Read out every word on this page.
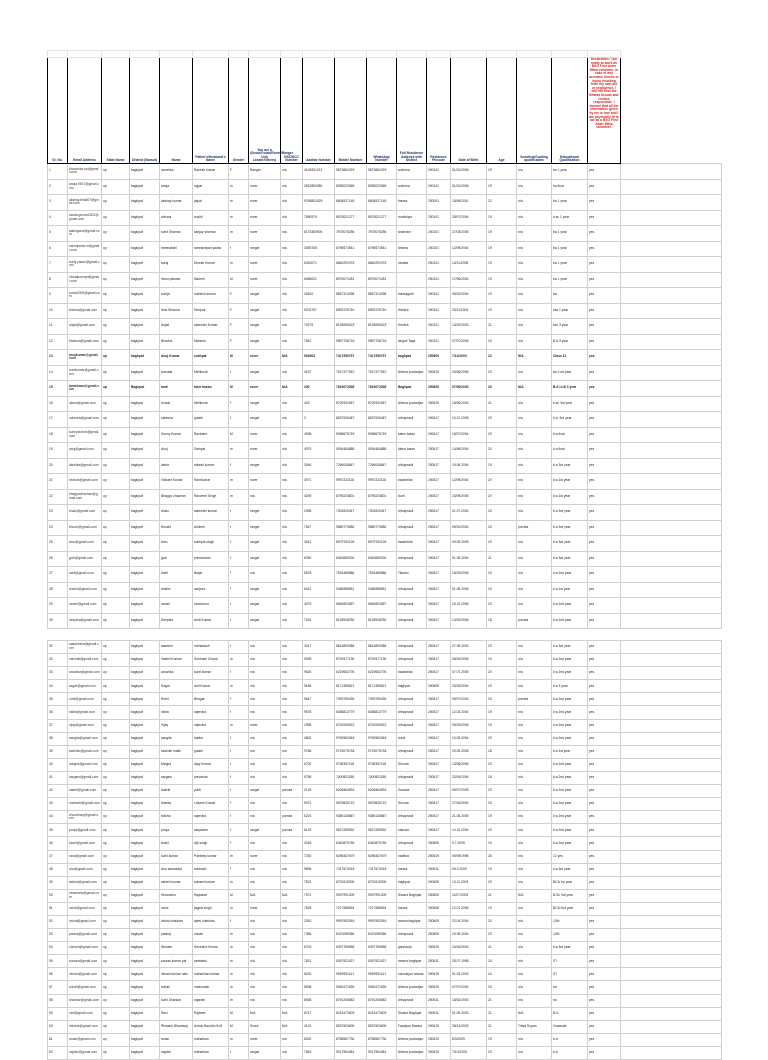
Sr. No.	Email Address	State Name	District (Baraut)	Name	Father's/Husband's Name	Gender	You are a (Scout/Guide/Rover/Ranger Unit Leader/Others)	NSS/NCC Number	Aadhar Number	Mobile Number	WhatsApp Number	Full Residence Address with District	Residence Pincode	Date of Birth	Age	Scouting/Guiding qualification	Educational Qualification	Declaration: I am ready to work as BSG First Aider Mitra volunteer. In case of any accident, illness or injury resulting from my own act or negligence, I will not hold the Bharat Scouts and Guides responsible. I declare that all the information given by me is true and I am physically fit to act as a BSG First Aider Mitra volunteer.	
1	bhoomika.up@gmail.com	up	baghpat	anushka	Rakesh kumar	F	Ranger	n/a	4104901212	9873661029	9873661029	sushma	250101	01/10/2006	19	n/a	ba 1 year	yes	
2	anuja.9871@gmail.com	up	baghpat	anuja	rajpal	m	rover	n/a	2622850380	8395023365	8395023365	sushma	250101	01/10/2006	19	n/a	ba final	yes	
3	akshay.bhati07@gmail.com	up	baghpat	akshay kumar	jaipal	m	rover	n/a	9768801525	8806527148	8806527148	baraut	250001	15/05/2001	22	n/a	ba 1 year	yes	
4	savita.gumar2002@gmail.com	up	baghpat	shivani	sushil	m	rover	n/a	7550975	8975021277	8975021277	modinipur	250101	25/07/2006	19	n/a	b.sc 1 year	yes	
5	sakhigoud@gmail.com	up	baghpat	sohit Sharma	sanjay sharma	m	rover	n/a	6175350900	7575076256	7575076256	shahrani	250101	27/03/2005	19	n/a	ba 1 year	yes	
6	aaronjadav.m@gmail.com	up	baghpat	meenakshi	ramnarayan yadav	f	ranger	n/a	3055765	6798573541	6798573541	khekra	250101	12/09/2004	19	n/a	ba 1 year	yes	
7	suraj.yadav@gmail.com	up	baghpat	suraj	Dinesh Kumar	m	rover	n/a	6316071	6660291976	6660291976	ramala	250101	14/11/2005	19	n/a	ba 1 year	yes	
8	vishalpurnapt@gmail.com	up	baghpat	vishu panwar	Naresh	M	rover	n/a	6086021	8979071281	8979071281		250101	17/06/2004	19	n/a	ba 1 year	yes	
9	sonia2006@gmail.com	up	baghpat	sonija	mahesh kumar	F	ranger	n/a	20610	8567313098	8567313098	baraulgarh	250101	09/02/2004	19	n/a	ba	yes	
10	khekra@gmail.com	up	baghpat	Isha Sharma	Deepak	F	ranger	n/a	5376707	8953729740	8953729740	Khekra	250101	23/11/2004	19	n/a	bsc 1 year	yes	
11	anjali@gmail.com	up	baghpat	Anjali	satender Kumar	F	ranger	n/a	70275	8135699023	8135699023	Khekra	250101	13/02/2003	21	n/a	bsc 3 year	yes	
12	bhawna@gmail.com	up	baghpat	Bhavna	Mahesh	F	ranger	n/a	7542	9897756716	9897756716	singoli Taga	250101	07/07/2005	20	n/a	B.A 3 year	yes	
13	anujkumar@gmail.com	up	baghpat	Anuj Kumar	sukhpal	M	rover	N/A	504903	7417955757	7417955757	baghpat	250609	7/13/2003	22	N/A	Class 12	yes	
14	surekumar@gmail.com	up	baghpat	sumaila	Mehboob	f	ranger	n/a	4197	7017477942	7017477942	khekra pooladpur	250619	20/06/2005	20	n/a	ba 2 nd year	yes	
15	tarakhaan@gmail.com	up	Baghpat	amir	tahir hasan	M	rover	N/A	200	7819072536	7819072536	Baghpat	250609	07/09/2003	20	N/A	B.A LLB 3 year	yes	
16	alisha@gmail.com	up	baghpat	fousat	Mehboob	f	ranger	n/a	403	8709331867	8709331867	khekra pooladpur	250619	15/06/2003	21	n/a	b.sc 3rd year	yes	
17	rakesha@gmail.com	up	baghpat	rakesha	gulabi	f	ranger	n/a	2	8637926467	8637926467	chhaprauli	250617	10.07.2005	20	n/a	b.a. 3rd year	yes	
18	sunnykumar@gmail.com	up	baghpat	Sunny Kumar	Ravinder	M	rover	n/a	4998	9098679749	9098679749	kakor kalan	250617	15/07/2004	20	n/a	b.a final	yes	
19	anuj@gmail.com	up	baghpat	Anuj	Satnpal	m	rover	n/a	4075	9094484888	9094484888	kakor kalan	250617	14/06/2004	20	n/a	b.a final	yes	
20	lakshita@gmail.com	up	baghpat	lasha	rakesh kumar	f	ranger	n/a	3046	7296006847	7296006847	chhaprauli	250617	19.06.2006	19	n/a	b.a 3rd year	yes	
21	vishant@gmail.com	up	baghpat	Vishant Kumar	Ramkumar	m	rover	n/a	4971	9997223118	9997223118	badanthla	250617	12/09/2004	20	n/a	b.a 1st year	yes	
22	bhagyachauhan@gmail.com	up	baghpat	Bhagyo chauhan	Ravveen Singh	m	n/a	n/a	4209	8799224801	8799224801	Kurri	250617	23/09/2005	20	n/a	b.a 1st year	yes	
23	shalu@gmail.com	up	baghpat	shalu	satender kumar	f	ranger	n/a	2098	7302819347	7302819347	chhaprauli	250617	01.07.2004	20	n/a	b.a 3rd year	yes	
24	khushi@gmail.com	up	baghpat	Khushi	Anilesh	f	ranger	n/a	7547	9889770686	9889770686	chhaprauli	250617	09/10/2004	20	purnea	b.a 3rd year	yes	
25	tanu@gmail.com	up	baghpat	tanu	sukhpal singh	f	ranger	n/a	3012	8979762126	8979762126	badanthla	250617	09.09.2005	20	n/a	b.a 3rd year	yes	
26	jyoti@gmail.com	up	baghpat	jyoti	premchand	f	ranger	n/a	6390	8349669030	8349669030	chhaprauli	250617	01.08.2004	21	n/a	b.a 3rd year	yes	
27	aarti@gmail.com	up	baghpat	Aarti	Balpir	f	n/a	n/a	5678	7534465886	7534465886	Tikaani	250617	15/03/2005	20	n/a	b.a 2nd year	yes	
28	shalini@gmail.com	up	baghpat	shalini	sanjeev	f	ranger	n/a	6012	9466588551	9466588551	chhaprauli	250617	01.08.2005	20	n/a	b.a 1st year	yes	
29	ramini@gmail.com	up	baghpat	ramini	ramchand	f	ranger	n/a	4079	9694802897	9694802897	chhaprauli	250617	18.10.2005	20	n/a	b.a 2nd year	yes	
30	deepika@gmail.com	up	baghpat	Deepika	Amit Kumar	f	ranger	n/a	7024	8128948250	8128948250	chhaprauli	250617	14/02/2006	18	purnea	b.a 2nd year	yes	
31	aakanksha@gmail.com	up	baghpat	aaseem	mehartash	f	n/a	n/a	3247	8813899388	8813899388	chhaprauli	250617	07.08.2003	20	n/a	b.a 3rd year	yes	
32	vaishali@gmail.com	up	baghpat	Vaishli Kumari	Subhash Chand	m	n/a	n/a	9095	8791977196	8791977196	chhaprauli	250617	08/02/2005	19	n/a	b.a 2nd year	yes	
33	anushka@gmail.com	up	baghpat	anushka	sunil kumar	f	n/a	n/a	9626	6219652700	6219652700	badanthla	250617	07.07.2005	20	n/a	b.a 2nd year	yes	
34	sagar@gmail.com	up	baghpat	Sagar	Anil Kumar	m	n/a	n/a	9168	8171395821	8171395821	baghpat	250609	23/04/2004	20	n/a	b.a 3 year	yes	
35	rohit@gmail.com	up	baghpat	Rohit	Bhagat	f	n/a	n/a	9647	7093755435	7093755435	chhaprauli	250617	09/07/2003	20	purnea	b.a 2nd year	yes	
36	nikita@gmail.com	up	baghpat	nikita	rajendra	f	n/a	n/a	9578	6358812779	6358812779	chhaprauli	250617	12.03.2004	19	n/a	b.a 2nd year	yes	
37	vijay@gmail.com	up	baghpat	Vijay	rajendra	m	rover	n/a	2998	6791059522	6791059522	chhaprauli	250617	09/03/2005	19	n/a	b.a 2nd year	yes	
38	sangita@gmail.com	up	baghpat	sangita	babbu	f	n/a	n/a	4802	9760983463	9760983463	kurdi	250617	10.09.2004	20	n/a	b.a 2nd year	yes	
39	kashish@gmail.com	up	baghpat	kashish malik	gulabi	f	n/a	n/a	9768	9719075748	9719075748	chhaprauli	250617	29.05.2006	18	n/a	b.a 1st year	yes	
40	megha@gmail.com	up	baghpat	Megha	Ajay Kumar	f	n/a	n/a	6702	9758357118	9758357118	Shoora	250617	13/08/2005	20	n/a	b.a 2nd year	yes	
41	sargam@gmail.com	up	baghpat	sargam	prevahan	f	n/a	n/a	9758	7000821158	7000821158	chhaprauli	250617	22/04/2006	18	n/a	b.a 2nd year	yes	
42	aakriti@gmail.com	up	baghpat	Aakriti	yukti	f	ranger	purnea	2129	6206564833	6206564833	Dosana	250617	09/07/2005	20	n/a	b.a 2nd year	yes	
43	mamtahi@gmail.com	up	baghpat	Mamta	Lokesh Kumar	f	n/a	n/a	9072	9875836722	9875836722	Shoora	250617	27/04/2004	20	n/a	b.a 2nd year	yes	
44	choudhary@gmail.com	up	baghpat	shikha	rajendra	f	n/a	purnea	6224	9385135867	9385135867	chhaprauli	250617	21.06.2005	19	n/a	b.a 2nd year	yes	
45	pooja@gmail.com	up	baghpat	pooja	satyaveer	f	ranger	purnea	6129	9627285952	9627285952	nakoda	250617	14.10.2004	20	n/a	b.a 2nd year	yes	
46	kashi@gmail.com	up	baghpat	kushi	Ajit singh	f	n/a	n/a	3245	8440879755	8440879755	chhaprauli	250609	9.7.2005	19	n/a	b.a 2nd year	yes	
47	rana@gmail.com	up	baghpat	sunil kumar	Pardeep kumar	m	rover	n/a	7230	6298467679	6298467679	nadthla	250619	09/09/1998	26	n/a	12 yes	yes	
48	anu@gmail.com	up	baghpat	Anu samaidya	subhash	f	n/a	n/a	9696	7417574018	7417574018	baraut	250611	26.3.2005	19	n/a	b.a 3rd year	yes	
49	ashish@gmail.com	up	baghpat	ashish kumar	subash kumar	m	n/a	n/a	7522	8791915306	8791915306	baghpat	250609	13.11.2003	20	n/a	BCA 1st year	yes	
50	himanshu@gmail.com	up	baghpat	Himanshu	Rajkaran	M	N/A	N/A	7972	9097991405	9097991405	Sisana Baghpat	250609	11/07/2003	21	N/A	B.Sc 3rd year	yes	
51	rahul@gmail.com	up	baghpat	rahul	jagpal singh	m	rover	n/a	7628	7217986834	7217986834	baraut	250608	12.01.2005	19	n/a	BCA 2nd year	yes	
52	vishal@gmail.com	up	baghpat	vishal chauhan	ajeet chauhan	f	n/a	n/a	2320	9997552916	9997552916	sisana baghpat	250609	22.04.2004	20	n/a	12th	yes	
53	pankaj@gmail.com	up	baghpat	pankaj	nanak	m	n/a	n/a	7356	8470055356	8470055356	chhaprauli	250609	19.08.2004	20	n/a	12th	yes	
54	nishant@gmail.com	up	baghpat	Nishant	Ravindra Kumar	m	n/a	n/a	6703	6397759968	6397759968	gahnaula	250619	24/04/2003	21	n/a	b.a 3rd year	yes	
55	sourav@gmail.com	up	baghpat	sourav kumar pal	rambabu	m	n/a	n/a	7621	6397922427	6397922427	meerut baghpat	250611	28.07.1998	24	n/a	ITI	yes	
56	vikrant@gmail.com	up	baghpat	vikrant kumar nain	mahashan kumar	m	n/a	n/a	6232	9549991141	9549991141	naroudpur sisana	250619	01.03.2003	24	n/a	ITI	yes	
57	sohail@gmail.com	up	baghpat	sohail	mainuddin	m	n/a	n/a	8638	9063471839	9063471839	khekra pooladpur	250619	07/07/2004	20	n/a	ba	yes	
58	shankar@gmail.com	up	baghpat	sunil Shankar	rajaram	m	n/a	n/a	8938	8791205583	8791205583	chhaprauli	250611	18/02/2003	21	n/a	ba	yes	
59	ravi@gmail.com	up	baghpat	Ravi	Rajbeer	M	N/A	N/A	6747	8214472603	8214472603	Sisana Baghpat	250611	01.05.2003	21	N/A	B.A	yes	
60	rishank@gmail.com	up	baghpat	Rishank Bhardwaj	Ashok Bandhu B.M	M	Scout	N/A	4122	8937800609	8937800609	Fazalpur Niwara	250619	28/12/2003	21	Trtiya Sopan	Graduate	yes	
61	aman@gmail.com	up	baghpat	aman	maharban	m	rover	n/a	8032	8758567736	8758567736	khekra pooladpur	250619	8/3/2005	19	n/a	b.a	yes	
62	raghini@gmail.com	up	baghpat	raghini	maharban	f	ranger	n/a	7549	9017951681	9017951681	khekra pooladpur	250619	7/10/2005	20	n/a	b.a	yes	
